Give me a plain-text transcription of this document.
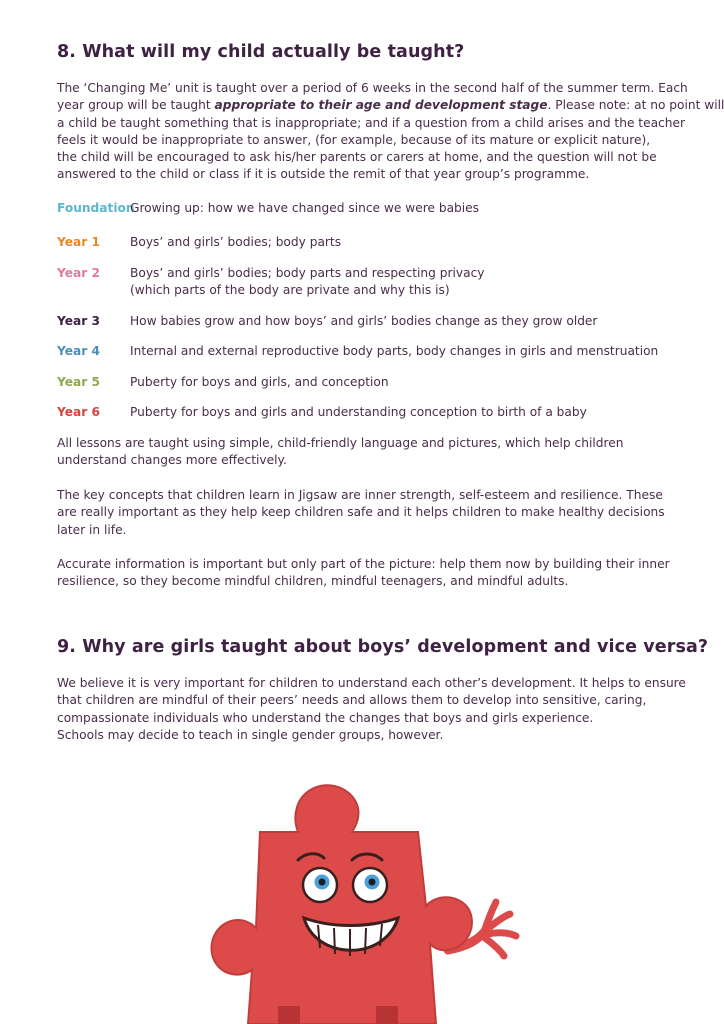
8. What will my child actually be taught?

The ‘Changing Me’ unit is taught over a period of 6 weeks in the second half of the summer term. Each
year group will be taught appropriate to their age and development stage. Please note: at no point will
a child be taught something that is inappropriate; and if a question from a child arises and the teacher
feels it would be inappropriate to answer, (for example, because of its mature or explicit nature),
the child will be encouraged to ask his/her parents or carers at home, and the question will not be
answered to the child or class if it is outside the remit of that year group’s programme.

Foundation
Growing up: how we have changed since we were babies
Year 1 Boys’ and girls’ bodies; body parts
Year 2 Boys’ and girls’ bodies; body parts and respecting privacy
(which parts of the body are private and why this is)
Year 3 How babies grow and how boys’ and girls’ bodies change as they grow older
Year 4 Internal and external reproductive body parts, body changes in girls and menstruation
Year 5 Puberty for boys and girls, and conception
Year 6 Puberty for boys and girls and understanding conception to birth of a baby

All lessons are taught using simple, child-friendly language and pictures, which help children
understand changes more effectively.

The key concepts that children learn in Jigsaw are inner strength, self-esteem and resilience. These
are really important as they help keep children safe and it helps children to make healthy decisions
later in life.

Accurate information is important but only part of the picture: help them now by building their inner
resilience, so they become mindful children, mindful teenagers, and mindful adults.

9. Why are girls taught about boys’ development and vice versa?

We believe it is very important for children to understand each other’s development. It helps to ensure
that children are mindful of their peers’ needs and allows them to develop into sensitive, caring,
compassionate individuals who understand the changes that boys and girls experience.
Schools may decide to teach in single gender groups, however.
